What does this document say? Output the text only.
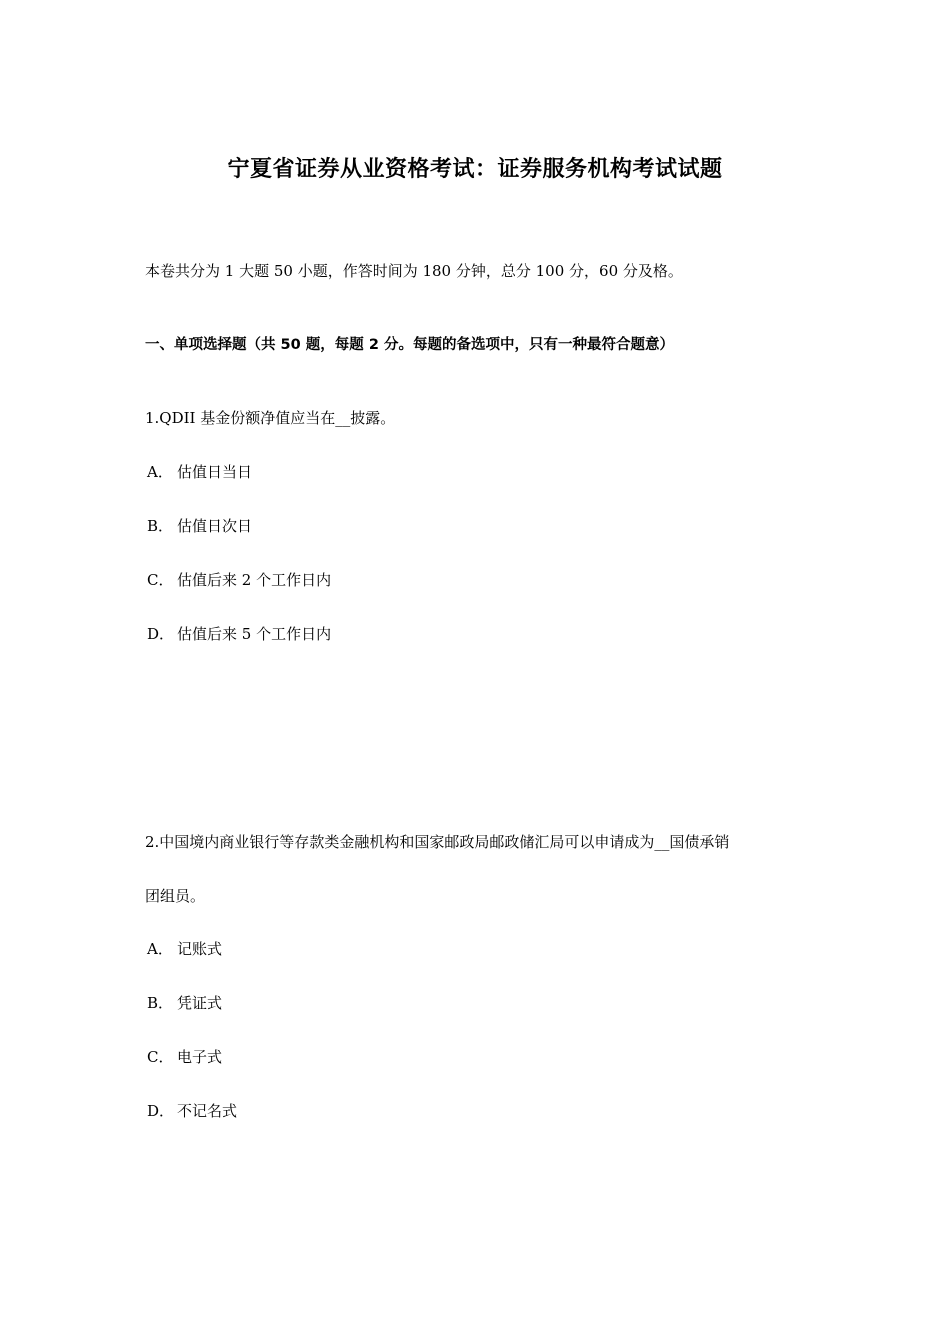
宁夏省证券从业资格考试：证券服务机构考试试题
本卷共分为 1 大题 50 小题，作答时间为 180 分钟，总分 100 分，60 分及格。
一、单项选择题（共 50 题，每题 2 分。每题的备选项中，只有一种最符合题意）
1.QDII 基金份额净值应当在__披露。
A． 估值日当日
B． 估值日次日
C． 估值后来 2 个工作日内
D． 估值后来 5 个工作日内
2.中国境内商业银行等存款类金融机构和国家邮政局邮政储汇局可以申请成为__国债承销
团组员。
A． 记账式
B． 凭证式
C． 电子式
D． 不记名式
